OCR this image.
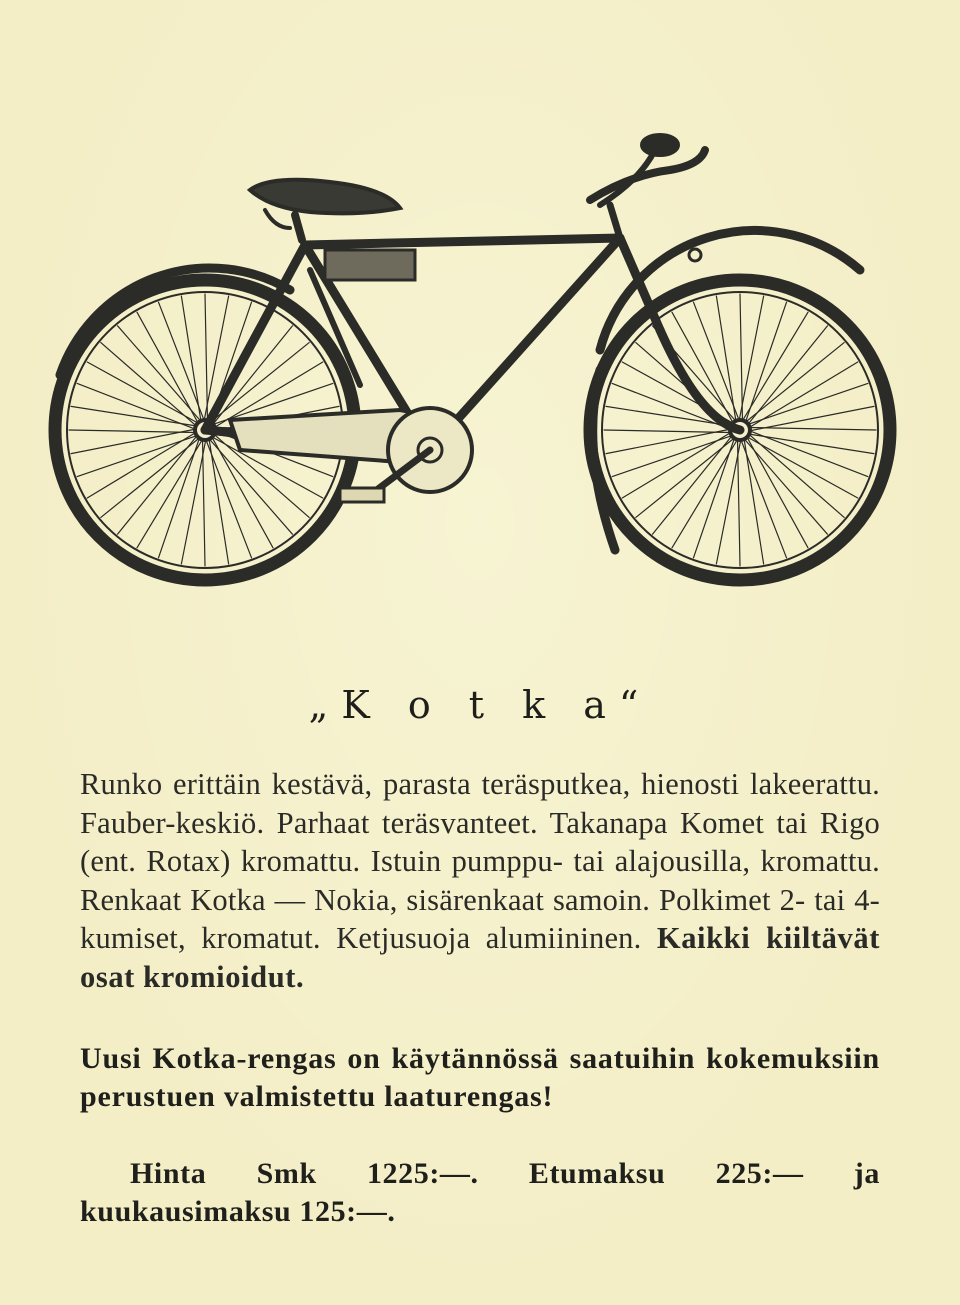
„K o t k a“
Runko erittäin kestävä, parasta teräsputkea, hienosti lakeerattu. Fauber-keskiö. Parhaat teräsvanteet. Takanapa Komet tai Rigo (ent. Rotax) kromattu. Istuin pumppu- tai alajousilla, kromattu. Renkaat Kotka — Nokia, sisärenkaat samoin. Polkimet 2- tai 4-kumiset, kromatut. Ketjusuoja alumiininen. Kaikki kiiltävät osat kromioidut.
Uusi Kotka-rengas on käytännössä saatuihin kokemuksiin perustuen valmistettu laaturengas!
Hinta Smk 1225:—. Etumaksu 225:— ja kuukausimaksu 125:—.
